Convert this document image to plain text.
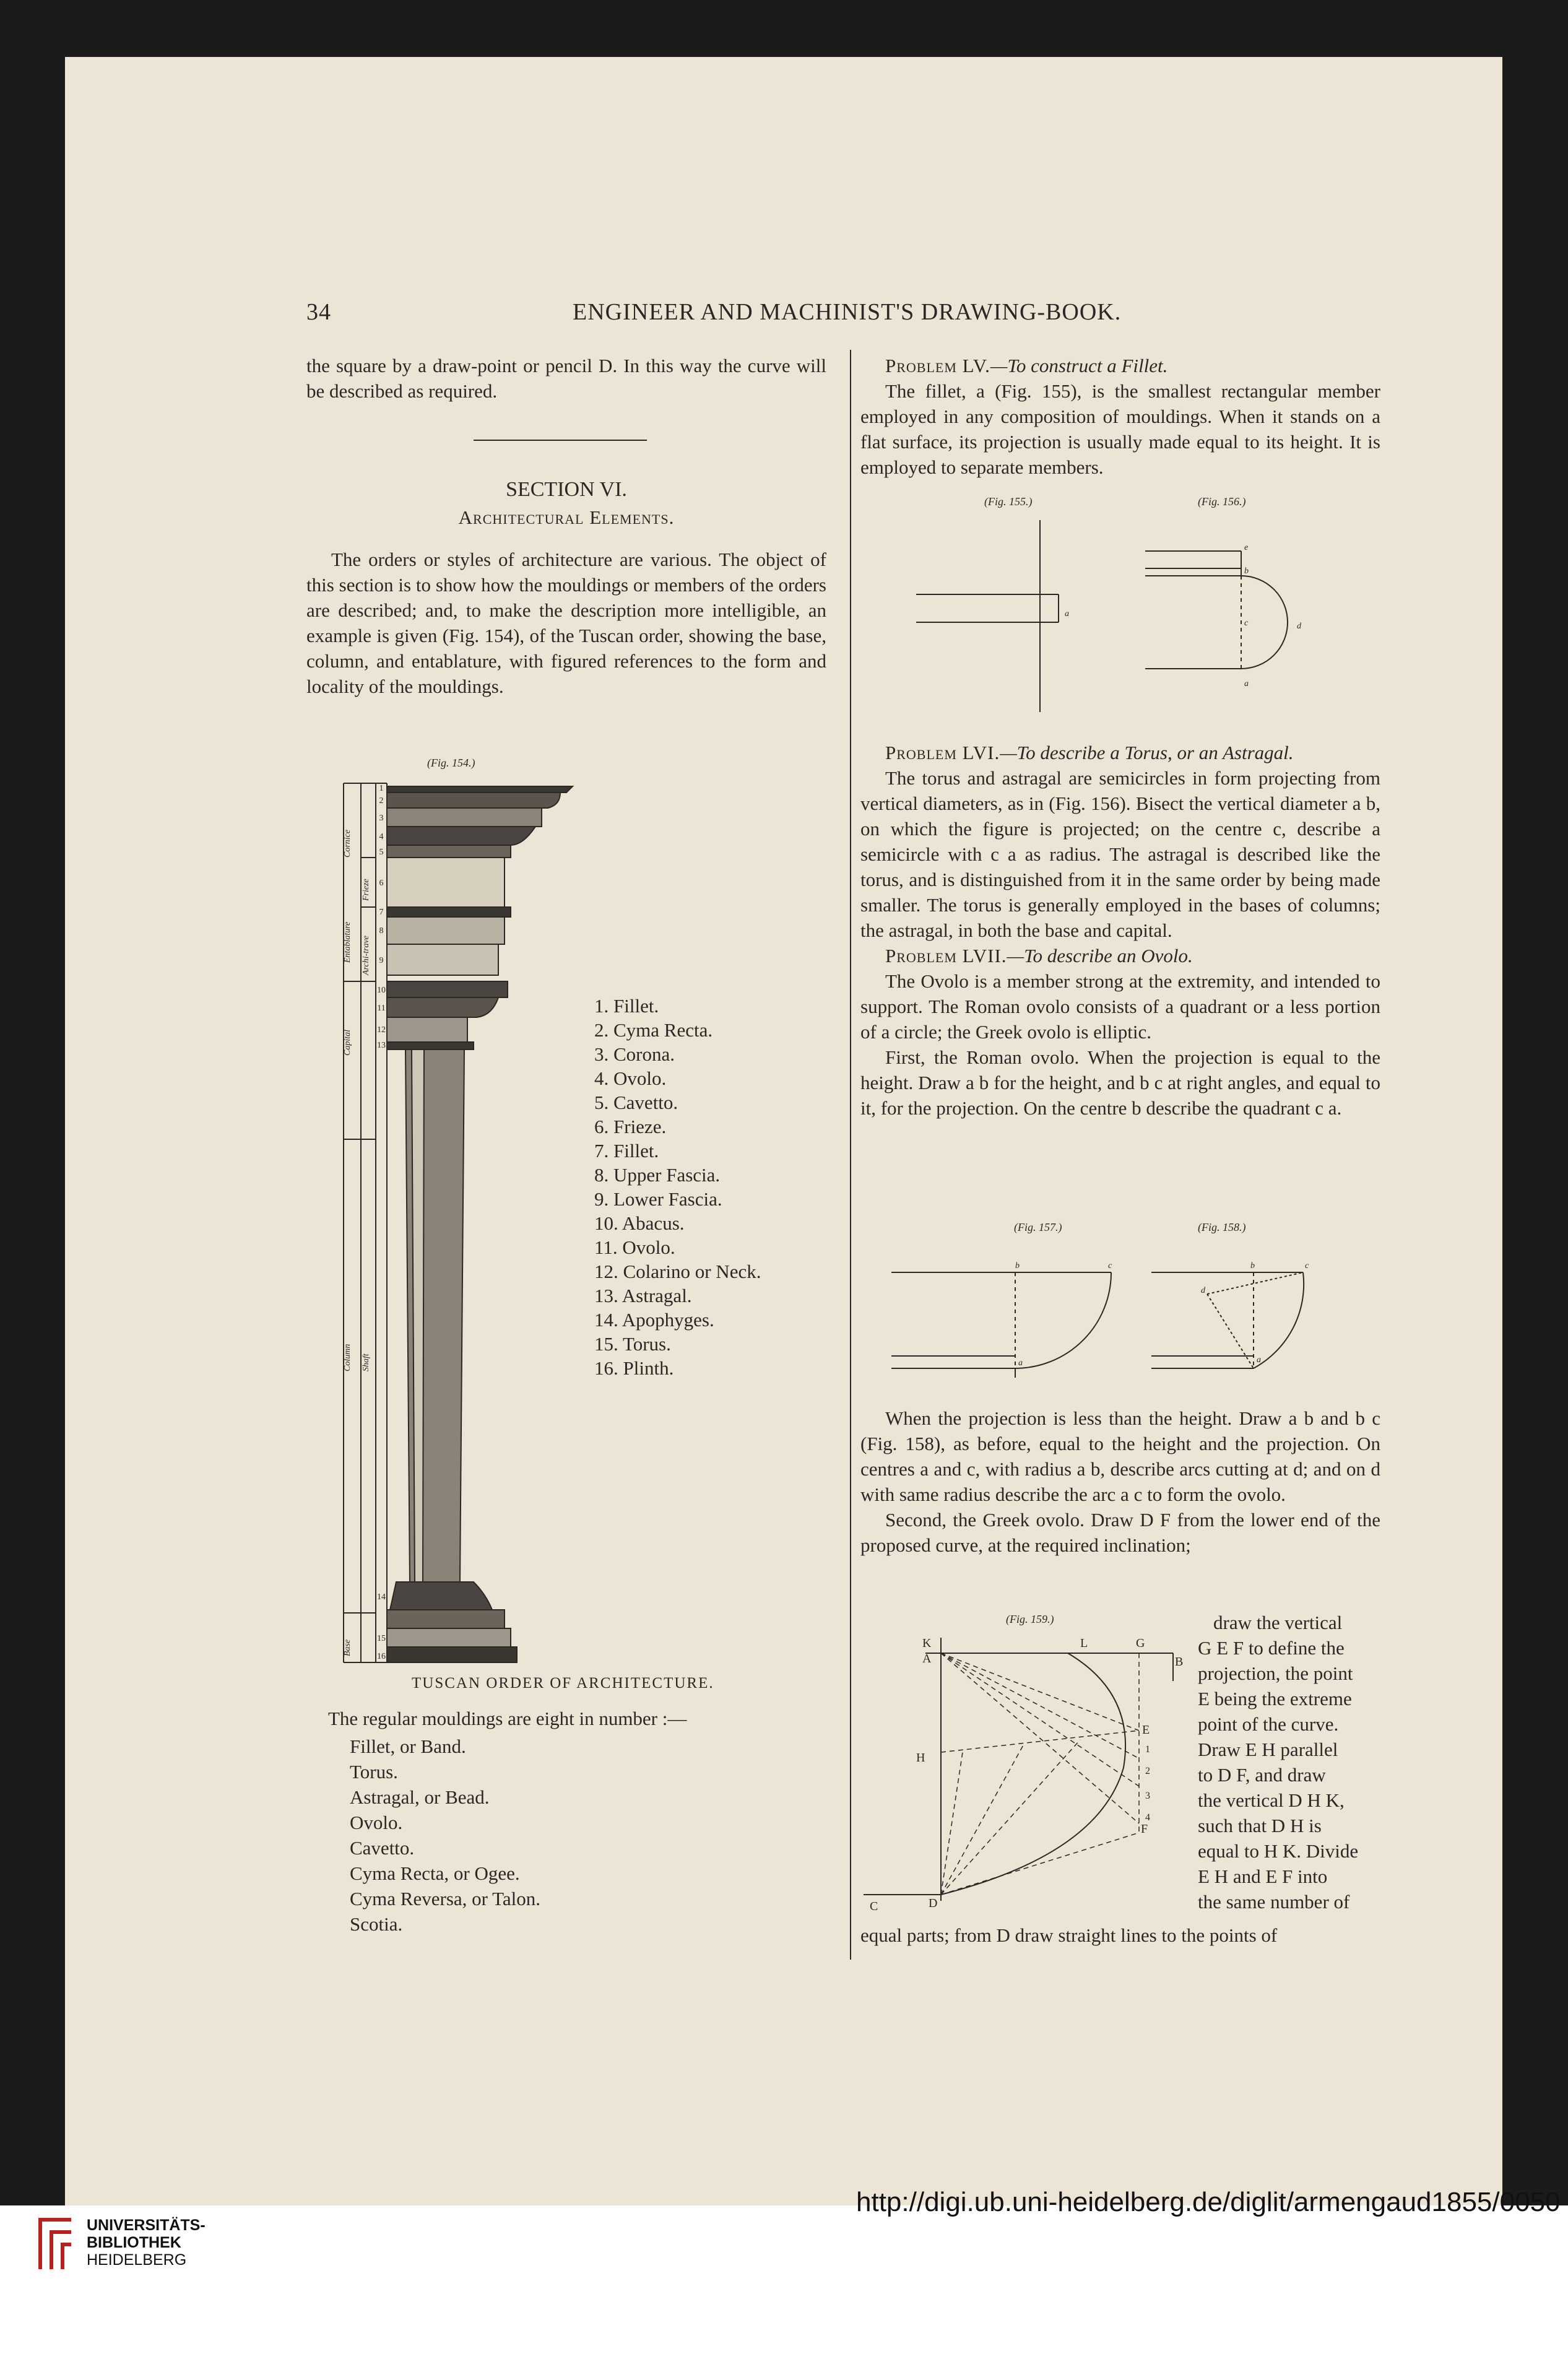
34	ENGINEER AND MACHINIST'S DRAWING-BOOK.

the square by a draw-point or pencil D. In this way the curve will be described as required.

SECTION VI.
Architectural Elements.

The orders or styles of architecture are various. The object of this section is to show how the mouldings or members of the orders are described; and, to make the description more intelligible, an example is given (Fig. 154), of the Tuscan order, showing the base, column, and entablature, with figured references to the form and locality of the mouldings.

(Fig. 154.)
Cornice
Frieze
Entablature Archi-trave
Capital
Column Shaft
Base
1
2
3
4
5
6
7
8
9
10
11
12
13
14
15
16
1. Fillet.
2. Cyma Recta.
3. Corona.
4. Ovolo.
5. Cavetto.
6. Frieze.
7. Fillet.
8. Upper Fascia.
9. Lower Fascia.
10. Abacus.
11. Ovolo.
12. Colarino or Neck.
13. Astragal.
14. Apophyges.
15. Torus.
16. Plinth.
TUSCAN ORDER OF ARCHITECTURE.
The regular mouldings are eight in number :—
Fillet, or Band.
Torus.
Astragal, or Bead.
Ovolo.
Cavetto.
Cyma Recta, or Ogee.
Cyma Reversa, or Talon.
Scotia.

Problem LV.—To construct a Fillet.

The fillet, a (Fig. 155), is the smallest rectangular member employed in any composition of mouldings. When it stands on a flat surface, its projection is usually made equal to its height. It is employed to separate members.

(Fig. 155.)	(Fig. 156.)
a
e
b
c	d
a

Problem LVI.—To describe a Torus, or an Astragal.

The torus and astragal are semicircles in form projecting from vertical diameters, as in (Fig. 156). Bisect the vertical diameter a b, on which the figure is projected; on the centre c, describe a semicircle with c a as radius. The astragal is described like the torus, and is distinguished from it in the same order by being made smaller. The torus is generally employed in the bases of columns; the astragal, in both the base and capital.

Problem LVII.—To describe an Ovolo.

The Ovolo is a member strong at the extremity, and intended to support. The Roman ovolo consists of a quadrant or a less portion of a circle; the Greek ovolo is elliptic.

First, the Roman ovolo. When the projection is equal to the height. Draw a b for the height, and b c at right angles, and equal to it, for the projection. On the centre b describe the quadrant c a.

(Fig. 157.)	(Fig. 158.)
b	c
a
b	c
a
d

When the projection is less than the height. Draw a b and b c (Fig. 158), as before, equal to the height and the projection. On centres a and c, with radius a b, describe arcs cutting at d; and on d with same radius describe the arc a c to form the ovolo.

Second, the Greek ovolo. Draw D F from the lower end of the proposed curve, at the required inclination;

(Fig. 159.)
K
A
L	G
B
E
H
F
C	D
1
2
3
4
draw the vertical
G E F to define the
projection, the point
E being the extreme
point of the curve.
Draw E H parallel
to D F, and draw
the vertical D H K,
such that D H is
equal to H K. Divide
E H and E F into
the same number of
equal parts; from D draw straight lines to the points of
UNIVERSITÄTS-
BIBLIOTHEK
HEIDELBERG
http://digi.ub.uni-heidelberg.de/diglit/armengaud1855/0050
